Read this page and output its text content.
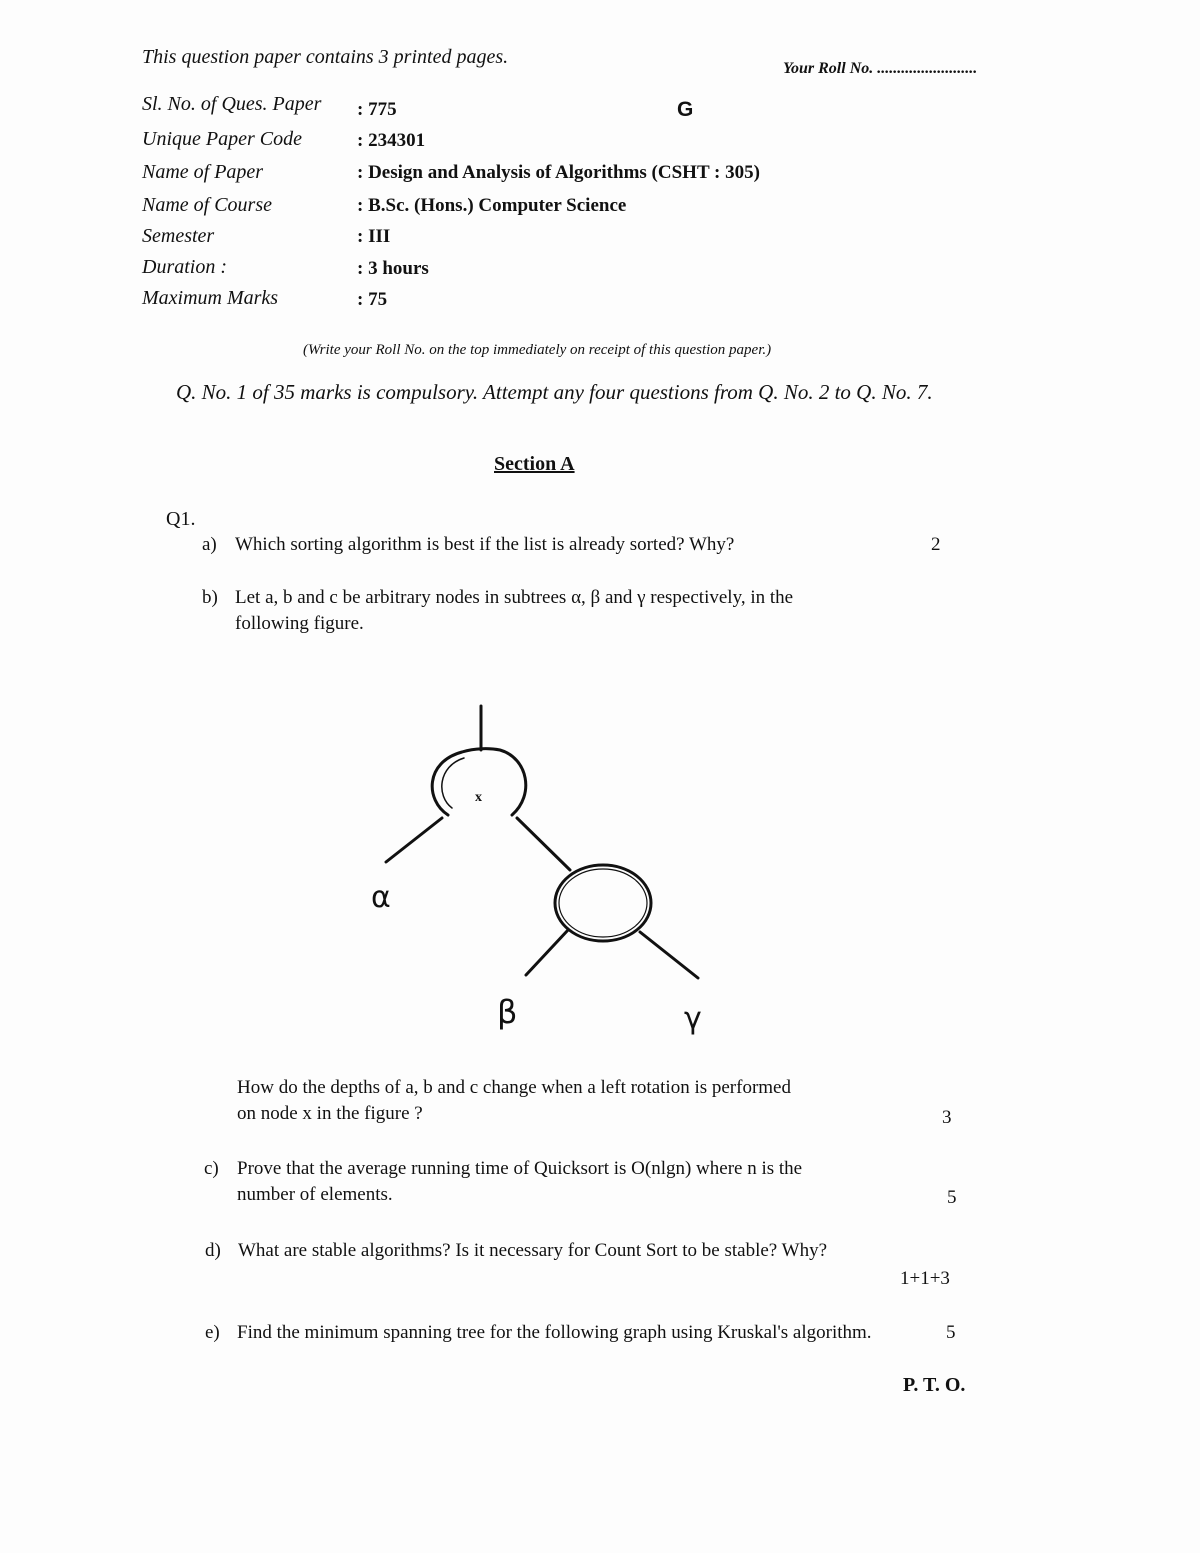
This question paper contains 3 printed pages.
Your Roll No. .........................
G
Sl. No. of Ques. Paper : 775
Unique Paper Code	: 234301
Name of Paper	: Design and Analysis of Algorithms (CSHT : 305)
Name of Course	: B.Sc. (Hons.) Computer Science
Semester	: III
Duration :	: 3 hours
Maximum Marks	: 75
(Write your Roll No. on the top immediately on receipt of this question paper.)
Q. No. 1 of 35 marks is compulsory. Attempt any four questions from Q. No. 2 to Q. No. 7.
Section A
Q1.
a) Which sorting algorithm is best if the list is already sorted? Why?	2
b) Let a, b and c be arbitrary nodes in subtrees α, β and γ respectively, in the
following figure.
x
α
β	γ
How do the depths of a, b and c change when a left rotation is performed
on node x in the figure ?	3
c) Prove that the average running time of Quicksort is O(nlgn) where n is the
number of elements.	5
d) What are stable algorithms? Is it necessary for Count Sort to be stable? Why?
1+1+3
e) Find the minimum spanning tree for the following graph using Kruskal's algorithm.	5
P. T. O.
